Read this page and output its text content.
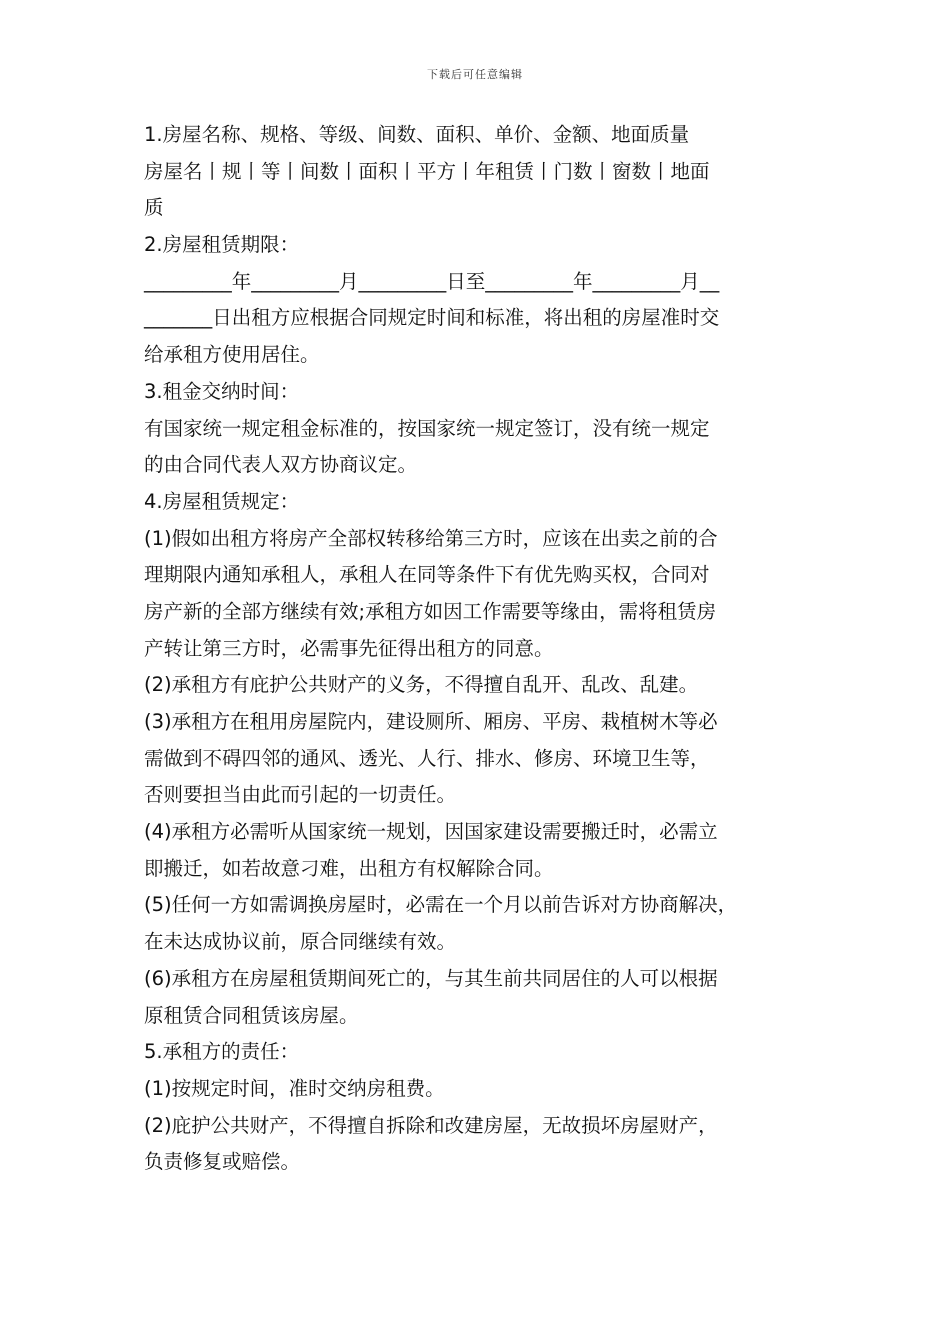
下载后可任意编辑
1.房屋名称、规格、等级、间数、面积、单价、金额、地面质量
房屋名丨规丨等丨间数丨面积丨平方丨年租赁丨门数丨窗数丨地面
质
2.房屋租赁期限：
_________年_________月_________日至_________年_________月__
_______日出租方应根据合同规定时间和标准，将出租的房屋准时交
给承租方使用居住。
3.租金交纳时间：
有国家统一规定租金标准的，按国家统一规定签订，没有统一规定
的由合同代表人双方协商议定。
4.房屋租赁规定：
(1)假如出租方将房产全部权转移给第三方时，应该在出卖之前的合
理期限内通知承租人，承租人在同等条件下有优先购买权，合同对
房产新的全部方继续有效;承租方如因工作需要等缘由，需将租赁房
产转让第三方时，必需事先征得出租方的同意。
(2)承租方有庇护公共财产的义务，不得擅自乱开、乱改、乱建。
(3)承租方在租用房屋院内，建设厕所、厢房、平房、栽植树木等必
需做到不碍四邻的通风、透光、人行、排水、修房、环境卫生等，
否则要担当由此而引起的一切责任。
(4)承租方必需听从国家统一规划，因国家建设需要搬迁时，必需立
即搬迁，如若故意刁难，出租方有权解除合同。
(5)任何一方如需调换房屋时，必需在一个月以前告诉对方协商解决，
在未达成协议前，原合同继续有效。
(6)承租方在房屋租赁期间死亡的，与其生前共同居住的人可以根据
原租赁合同租赁该房屋。
5.承租方的责任：
(1)按规定时间，准时交纳房租费。
(2)庇护公共财产，不得擅自拆除和改建房屋，无故损坏房屋财产，
负责修复或赔偿。
